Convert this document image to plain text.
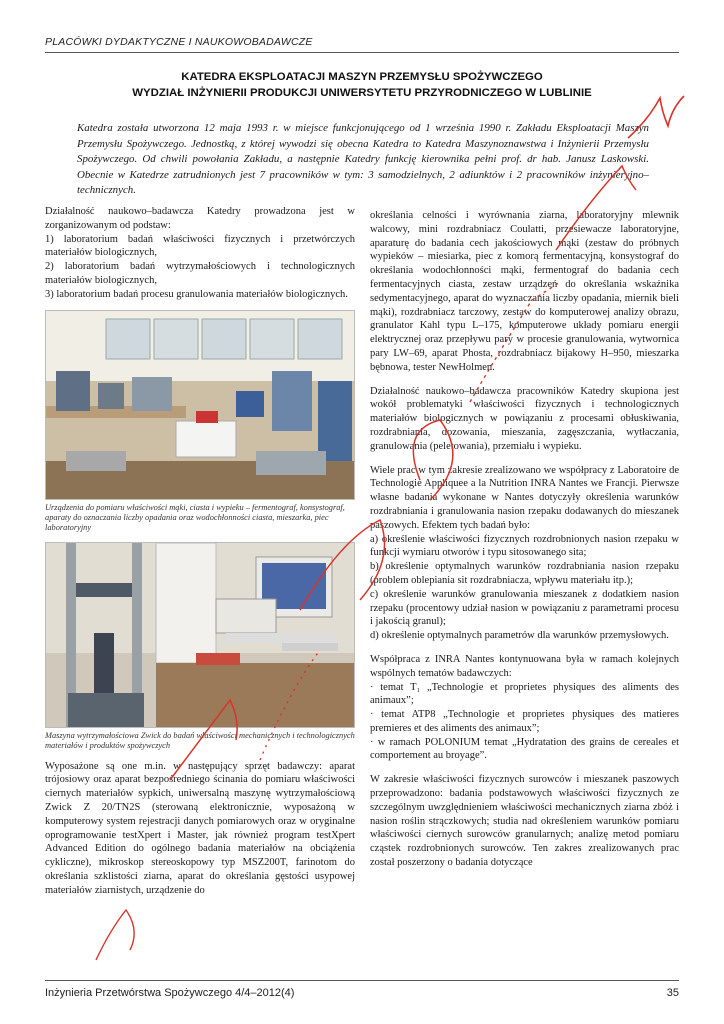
PLACÓWKI DYDAKTYCZNE I NAUKOWOBADAWCZE
KATEDRA EKSPLOATACJI MASZYN PRZEMYSŁU SPOŻYWCZEGO
WYDZIAŁ INŻYNIERII PRODUKCJI UNIWERSYTETU PRZYRODNICZEGO W LUBLINIE
Katedra została utworzona 12 maja 1993 r. w miejsce funkcjonującego od 1 września 1990 r. Zakładu Eksploatacji Maszyn Przemysłu Spożywczego. Jednostką, z której wywodzi się obecna Katedra to Katedra Maszynoznawstwa i Inżynierii Przemysłu Spożywczego. Od chwili powołania Zakładu, a następnie Katedry funkcję kierownika pełni prof. dr hab. Janusz Laskowski. Obecnie w Katedrze zatrudnionych jest 7 pracowników w tym: 3 samodzielnych, 2 adiunktów i 2 pracowników inżynieryjno–technicznych.

Działalność naukowo–badawcza Katedry prowadzona jest w zorganizowanym od podstaw:

1) laboratorium badań właściwości fizycznych i przetwórczych materiałów biologicznych,
2) laboratorium badań wytrzymałościowych i technologicznych materiałów biologicznych,
3) laboratorium badań procesu granulowania materiałów biologicznych.
Urządzenia do pomiaru właściwości mąki, ciasta i wypieku – fermentograf, konsystograf, aparaty do oznaczania liczby opadania oraz wodochłonności ciasta, mieszarka, piec laboratoryjny
Maszyna wytrzymałościowa Zwick do badań właściwości mechanicznych i technologicznych materiałów i produktów spożywczych

Wyposażone są one m.in. w następujący sprzęt badawczy: aparat trójosiowy oraz aparat bezpośredniego ścinania do pomiaru właściwości ciernych materiałów sypkich, uniwersalną maszynę wytrzymałościową Zwick Z 20/TN2S (sterowaną elektronicznie, wyposażoną w komputerowy system rejestracji danych pomiarowych oraz w oryginalne oprogramowanie testXpert i Master, jak również program testXpert Advanced Edition do ogólnego badania materiałów na obciążenia cykliczne), mikroskop stereoskopowy typ MSZ200T, farinotom do określania szklistości ziarna, aparat do określania gęstości usypowej materiałów ziarnistych, urządzenie do

określania celności i wyrównania ziarna, laboratoryjny mlewnik walcowy, mini rozdrabniacz Coulatti, przesiewacze laboratoryjne, aparaturę do badania cech jakościowych mąki (zestaw do próbnych wypieków – miesiarka, piec z komorą fermentacyjną, konsystograf do określania wodochłonności mąki, fermentograf do badania cech fermentacyjnych ciasta, zestaw urządzeń do określania wskaźnika sedymentacyjnego, aparat do wyznaczania liczby opadania, miernik bieli mąki), rozdrabniacz tarczowy, zestaw do komputerowej analizy obrazu, granulator Kahl typu L–175, komputerowe układy pomiaru energii elektrycznej oraz przepływu pary w procesie granulowania, wytwornica pary LW–69, aparat Phosta, rozdrabniacz bijakowy H–950, mieszarka bębnowa, tester NewHolmen.

Działalność naukowo–badawcza pracowników Katedry skupiona jest wokół problematyki właściwości fizycznych i technologicznych materiałów biologicznych w powiązaniu z procesami obłuskiwania, rozdrabniania, dozowania, mieszania, zagęszczania, wytłaczania, granulowania (peletowania), przemiału i wypieku.

Wiele prac w tym zakresie zrealizowano we współpracy z Laboratoire de Technologie Appliquee a la Nutrition INRA Nantes we Francji. Pierwsze własne badania wykonane w Nantes dotyczyły określenia warunków rozdrabniania i granulowania nasion rzepaku dodawanych do mieszanek paszowych. Efektem tych badań było:

a) określenie właściwości fizycznych rozdrobnionych nasion rzepaku w funkcji wymiaru otworów i typu sitosowanego sita;
b) określenie optymalnych warunków rozdrabniania nasion rzepaku (problem oblepiania sit rozdrabniacza, wpływu materiału itp.);
c) określenie warunków granulowania mieszanek z dodatkiem nasion rzepaku (procentowy udział nasion w powiązaniu z parametrami procesu i jakością granul);
d) określenie optymalnych parametrów dla warunków przemysłowych.

Współpraca z INRA Nantes kontynuowana była w ramach kolejnych wspólnych tematów badawczych:

· temat T₁ „Technologie et proprietes physiques des aliments des animaux”;
· temat ATP8 „Technologie et proprietes physiques des matieres premieres et des aliments des animaux”;
· w ramach POLONIUM temat „Hydratation des grains de cereales et comportement au broyage”.

W zakresie właściwości fizycznych surowców i mieszanek paszowych przeprowadzono: badania podstawowych właściwości fizycznych ze szczególnym uwzględnieniem właściwości mechanicznych ziarna zbóż i nasion roślin strączkowych; studia nad określeniem warunków pomiaru właściwości ciernych surowców granularnych; analizę metod pomiaru cząstek rozdrobnionych surowców. Ten zakres zrealizowanych prac został poszerzony o badania dotyczące

Inżynieria Przetwórstwa Spożywczego 4/4–2012(4)	35
